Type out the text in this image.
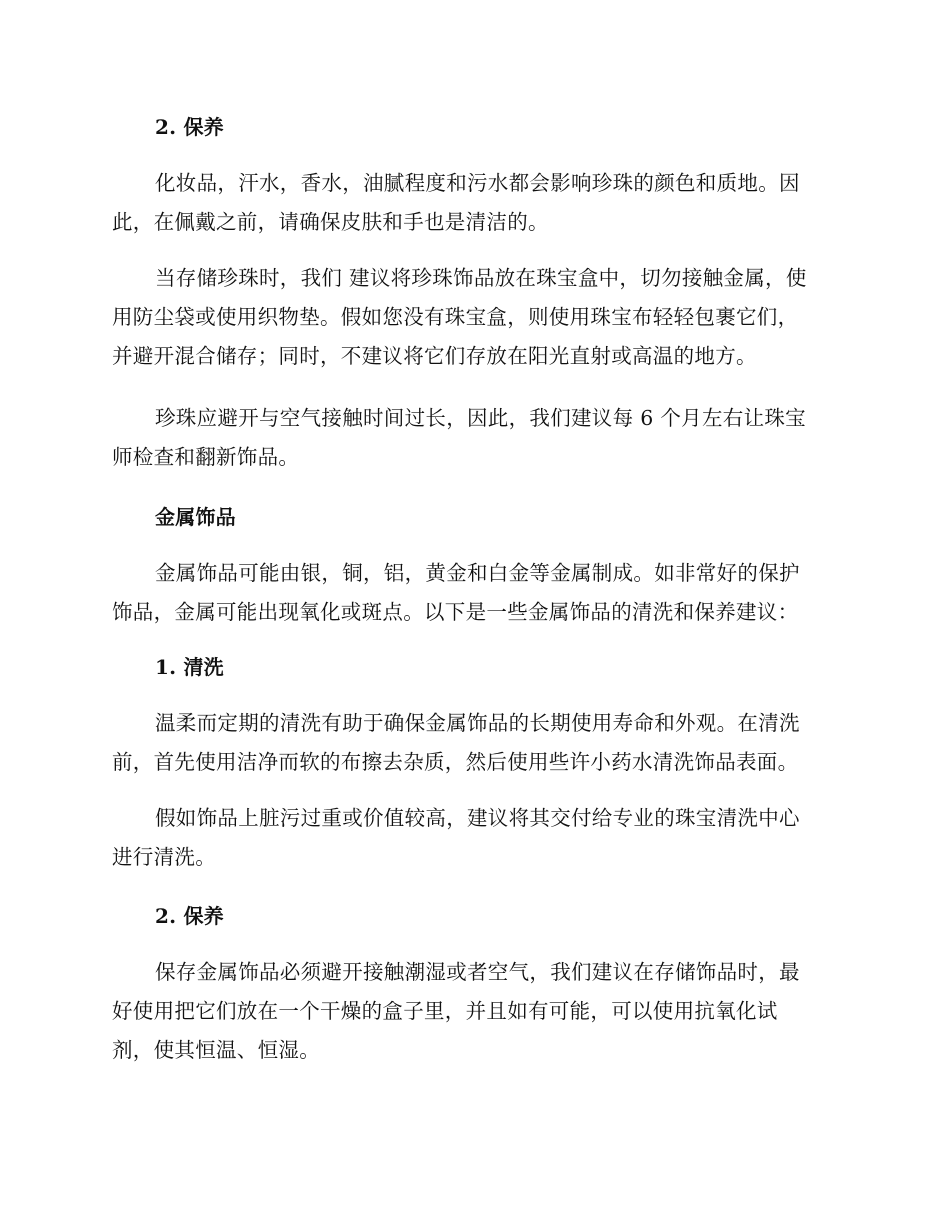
2. 保养

化妆品，汗水，香水，油腻程度和污水都会影响珍珠的颜色和质地。因
此，在佩戴之前，请确保皮肤和手也是清洁的。

当存储珍珠时，我们 建议将珍珠饰品放在珠宝盒中，切勿接触金属，使
用防尘袋或使用织物垫。假如您没有珠宝盒，则使用珠宝布轻轻包裹它们，
并避开混合储存；同时，不建议将它们存放在阳光直射或高温的地方。

珍珠应避开与空气接触时间过长，因此，我们建议每 6 个月左右让珠宝
师检查和翻新饰品。

金属饰品

金属饰品可能由银，铜，铝，黄金和白金等金属制成。如非常好的保护
饰品，金属可能出现氧化或斑点。以下是一些金属饰品的清洗和保养建议：

1. 清洗

温柔而定期的清洗有助于确保金属饰品的长期使用寿命和外观。在清洗
前，首先使用洁净而软的布擦去杂质，然后使用些许小药水清洗饰品表面。

假如饰品上脏污过重或价值较高，建议将其交付给专业的珠宝清洗中心
进行清洗。

2. 保养

保存金属饰品必须避开接触潮湿或者空气，我们建议在存储饰品时，最
好使用把它们放在一个干燥的盒子里，并且如有可能，可以使用抗氧化试
剂，使其恒温、恒湿。
